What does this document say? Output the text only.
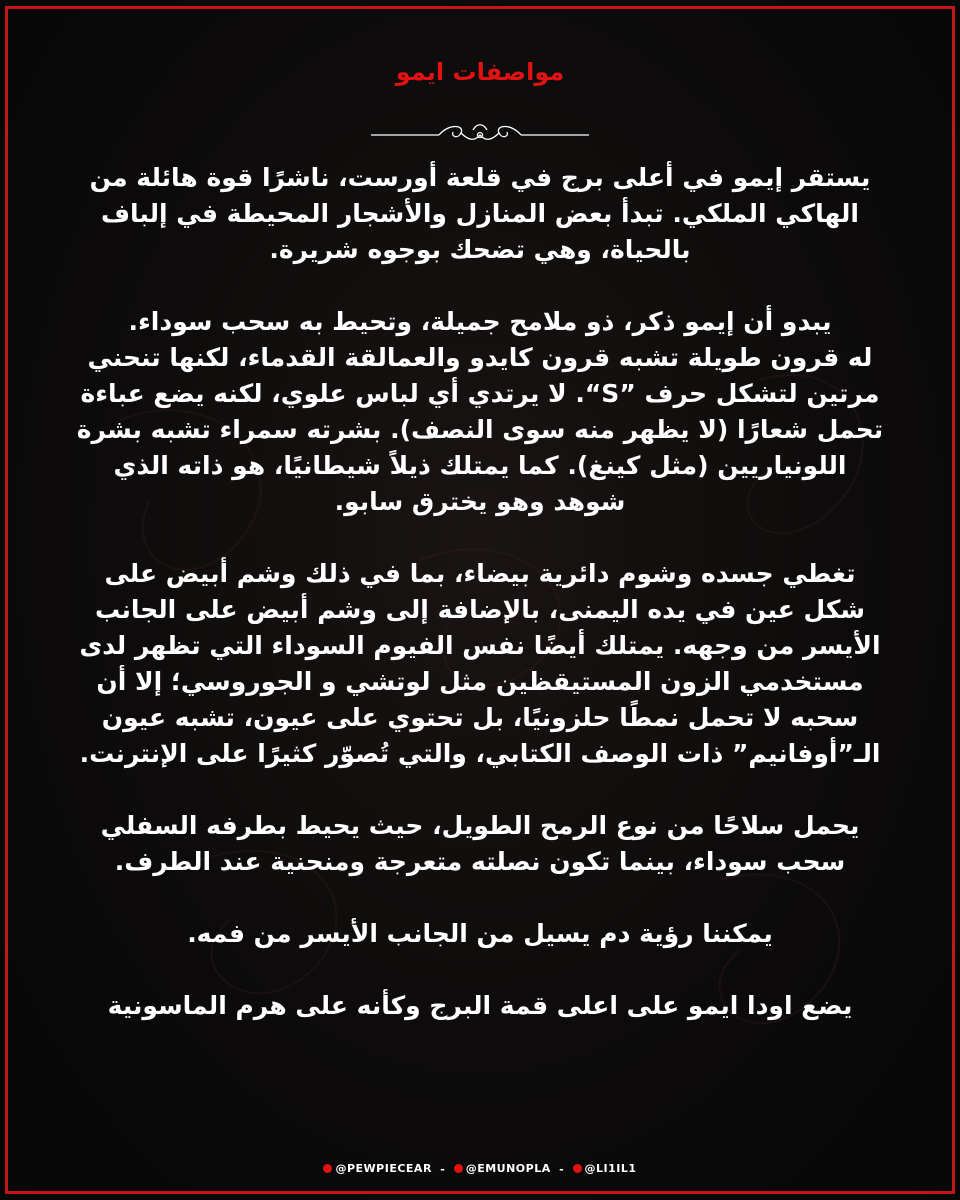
مواصفات ايمو
يستقر إيمو في أعلى برج في قلعة أورست، ناشرًا قوة هائلة من
الهاكي الملكي. تبدأ بعض المنازل والأشجار المحيطة في إلباف
بالحياة، وهي تضحك بوجوه شريرة.
يبدو أن إيمو ذكر، ذو ملامح جميلة، وتحيط به سحب سوداء.
له قرون طويلة تشبه قرون كايدو والعمالقة القدماء، لكنها تنحني
مرتين لتشكل حرف ”S“. لا يرتدي أي لباس علوي، لكنه يضع عباءة
تحمل شعارًا (لا يظهر منه سوى النصف). بشرته سمراء تشبه بشرة
اللونياريين (مثل كينغ). كما يمتلك ذيلاً شيطانيًا، هو ذاته الذي
شوهد وهو يخترق سابو.
تغطي جسده وشوم دائرية بيضاء، بما في ذلك وشم أبيض على
شكل عين في يده اليمنى، بالإضافة إلى وشم أبيض على الجانب
الأيسر من وجهه. يمتلك أيضًا نفس الفيوم السوداء التي تظهر لدى
مستخدمي الزون المستيقظين مثل لوتشي و الجوروسي؛ إلا أن
سحبه لا تحمل نمطًا حلزونيًا، بل تحتوي على عيون، تشبه عيون
الـ”أوفانيم” ذات الوصف الكتابي، والتي تُصوّر كثيرًا على الإنترنت.
يحمل سلاحًا من نوع الرمح الطويل، حيث يحيط بطرفه السفلي
سحب سوداء، بينما تكون نصلته متعرجة ومنحنية عند الطرف.
يمكننا رؤية دم يسيل من الجانب الأيسر من فمه.
يضع اودا ايمو على اعلى قمة البرج وكأنه على هرم الماسونية
@PEWPIECEAR - @EMUNOPLA - @LI1IL1
